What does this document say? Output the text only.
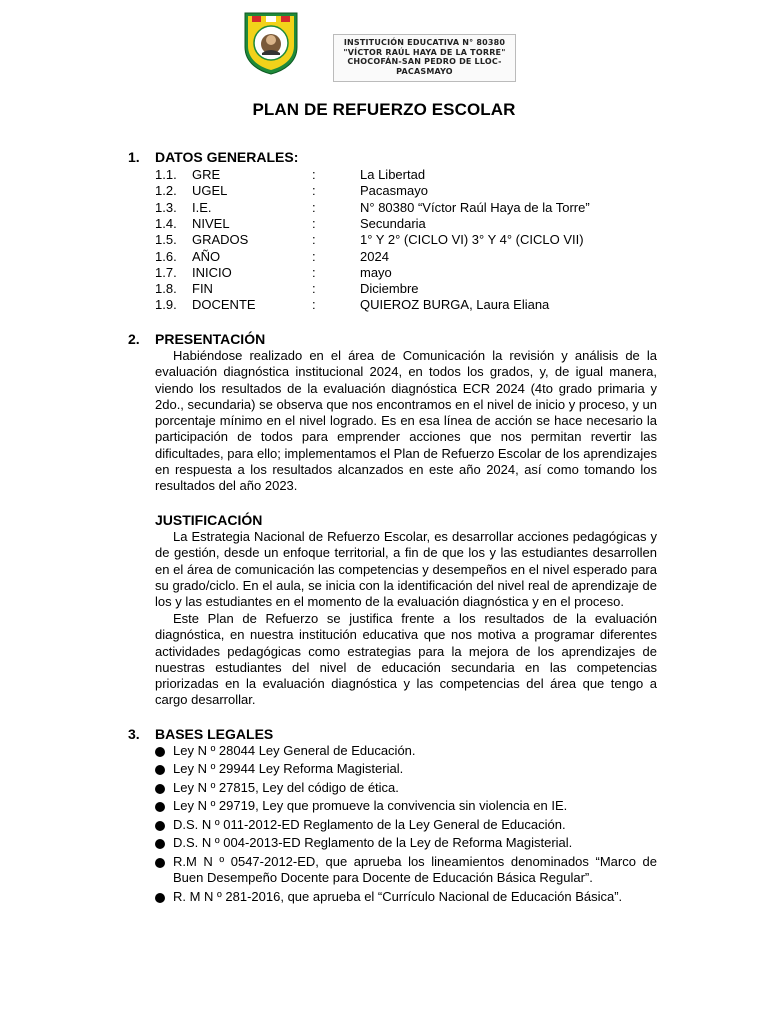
INSTITUCIÓN EDUCATIVA N° 80380
"VÍCTOR RAÚL HAYA DE LA TORRE"
CHOCOFÁN-SAN PEDRO DE LLOC-
PACASMAYO
PLAN DE REFUERZO ESCOLAR
1. DATOS GENERALES:
1.1. GRE	:	La Libertad
1.2. UGEL	:	Pacasmayo
1.3. I.E.	:	N° 80380 “Víctor Raúl Haya de la Torre”
1.4. NIVEL	:	Secundaria
1.5. GRADOS	:	1° Y 2° (CICLO VI) 3° Y 4° (CICLO VII)
1.6. AÑO	:	2024
1.7. INICIO	:	mayo
1.8. FIN	:	Diciembre
1.9. DOCENTE	:	QUIEROZ BURGA, Laura Eliana
2. PRESENTACIÓN

Habiéndose realizado en el área de Comunicación la revisión y análisis de la evaluación diagnóstica institucional 2024, en todos los grados, y, de igual manera, viendo los resultados de la evaluación diagnóstica ECR 2024 (4to grado primaria y 2do., secundaria) se observa que nos encontramos en el nivel de inicio y proceso, y un porcentaje mínimo en el nivel logrado. Es en esa línea de acción se hace necesario la participación de todos para emprender acciones que nos permitan revertir las dificultades, para ello; implementamos el Plan de Refuerzo Escolar de los aprendizajes en respuesta a los resultados alcanzados en este año 2024, así como tomando los resultados del año 2023.

JUSTIFICACIÓN

La Estrategia Nacional de Refuerzo Escolar, es desarrollar acciones pedagógicas y de gestión, desde un enfoque territorial, a fin de que los y las estudiantes desarrollen en el área de comunicación las competencias y desempeños en el nivel esperado para su grado/ciclo. En el aula, se inicia con la identificación del nivel real de aprendizaje de los y las estudiantes en el momento de la evaluación diagnóstica y en el proceso.

Este Plan de Refuerzo se justifica frente a los resultados de la evaluación diagnóstica, en nuestra institución educativa que nos motiva a programar diferentes actividades pedagógicas como estrategias para la mejora de los aprendizajes de nuestras estudiantes del nivel de educación secundaria en las competencias priorizadas en la evaluación diagnóstica y las competencias del área que tengo a cargo desarrollar.

3. BASES LEGALES
Ley N º 28044 Ley General de Educación.
Ley N º 29944 Ley Reforma Magisterial.
Ley N º 27815, Ley del código de ética.
Ley N º 29719, Ley que promueve la convivencia sin violencia en IE.
D.S. N º 011-2012-ED Reglamento de la Ley General de Educación.
D.S. N º 004-2013-ED Reglamento de la Ley de Reforma Magisterial.
R.M N º 0547-2012-ED, que aprueba los lineamientos denominados “Marco de Buen Desempeño Docente para Docente de Educación Básica Regular”.
R. M N º 281-2016, que aprueba el “Currículo Nacional de Educación Básica”.
